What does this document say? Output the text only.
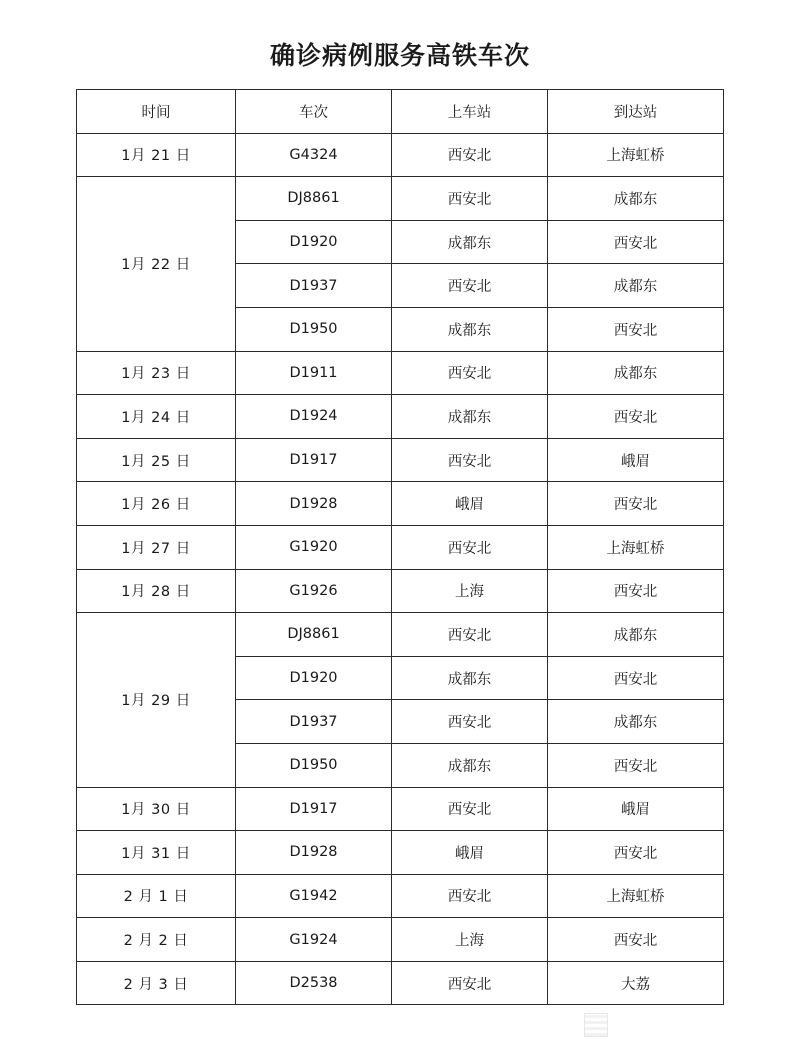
确诊病例服务高铁车次
时间	车次	上车站	到达站
1月 21 日	G4324	西安北	上海虹桥
1月 22 日	DJ8861	西安北	成都东
	D1920	成都东	西安北
	D1937	西安北	成都东
	D1950	成都东	西安北
1月 23 日	D1911	西安北	成都东
1月 24 日	D1924	成都东	西安北
1月 25 日	D1917	西安北	峨眉
1月 26 日	D1928	峨眉	西安北
1月 27 日	G1920	西安北	上海虹桥
1月 28 日	G1926	上海	西安北
1月 29 日	DJ8861	西安北	成都东
	D1920	成都东	西安北
	D1937	西安北	成都东
	D1950	成都东	西安北
1月 30 日	D1917	西安北	峨眉
1月 31 日	D1928	峨眉	西安北
2 月 1 日	G1942	西安北	上海虹桥
2 月 2 日	G1924	上海	西安北
2 月 3 日	D2538	西安北	大荔
